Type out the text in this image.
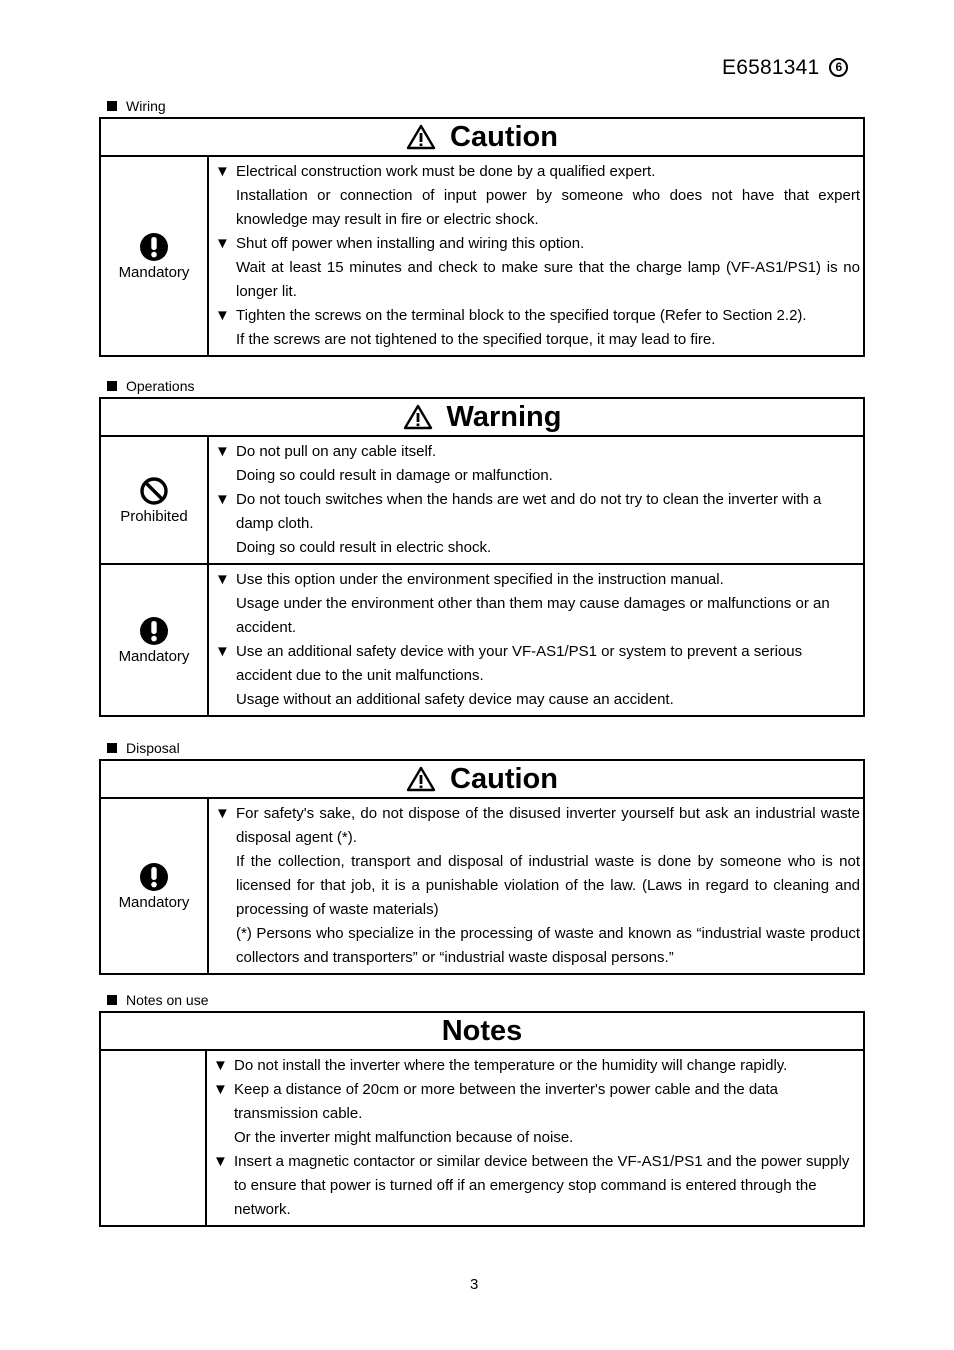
E6581341 6
Wiring
Caution
Mandatory
▼ Electrical construction work must be done by a qualified expert.
Installation or connection of input power by someone who does not have that expert knowledge may result in fire or electric shock.
▼ Shut off power when installing and wiring this option.
Wait at least 15 minutes and check to make sure that the charge lamp (VF-AS1/PS1) is no longer lit.
▼ Tighten the screws on the terminal block to the specified torque (Refer to Section 2.2).
If the screws are not tightened to the specified torque, it may lead to fire.
Operations
Warning
Prohibited
▼ Do not pull on any cable itself.
Doing so could result in damage or malfunction.
▼ Do not touch switches when the hands are wet and do not try to clean the inverter with a damp cloth.
Doing so could result in electric shock.
Mandatory
▼ Use this option under the environment specified in the instruction manual.
Usage under the environment other than them may cause damages or malfunctions or an accident.
▼ Use an additional safety device with your VF-AS1/PS1 or system to prevent a serious accident due to the unit malfunctions.
Usage without an additional safety device may cause an accident.
Disposal
Caution
Mandatory
▼ For safety's sake, do not dispose of the disused inverter yourself but ask an industrial waste disposal agent (*).
If the collection, transport and disposal of industrial waste is done by someone who is not licensed for that job, it is a punishable violation of the law. (Laws in regard to cleaning and processing of waste materials)
(*) Persons who specialize in the processing of waste and known as “industrial waste product collectors and transporters” or “industrial waste disposal persons.”
Notes on use
Notes
▼ Do not install the inverter where the temperature or the humidity will change rapidly.
▼ Keep a distance of 20cm or more between the inverter's power cable and the data transmission cable.
Or the inverter might malfunction because of noise.
▼ Insert a magnetic contactor or similar device between the VF-AS1/PS1 and the power supply to ensure that power is turned off if an emergency stop command is entered through the network.
3
